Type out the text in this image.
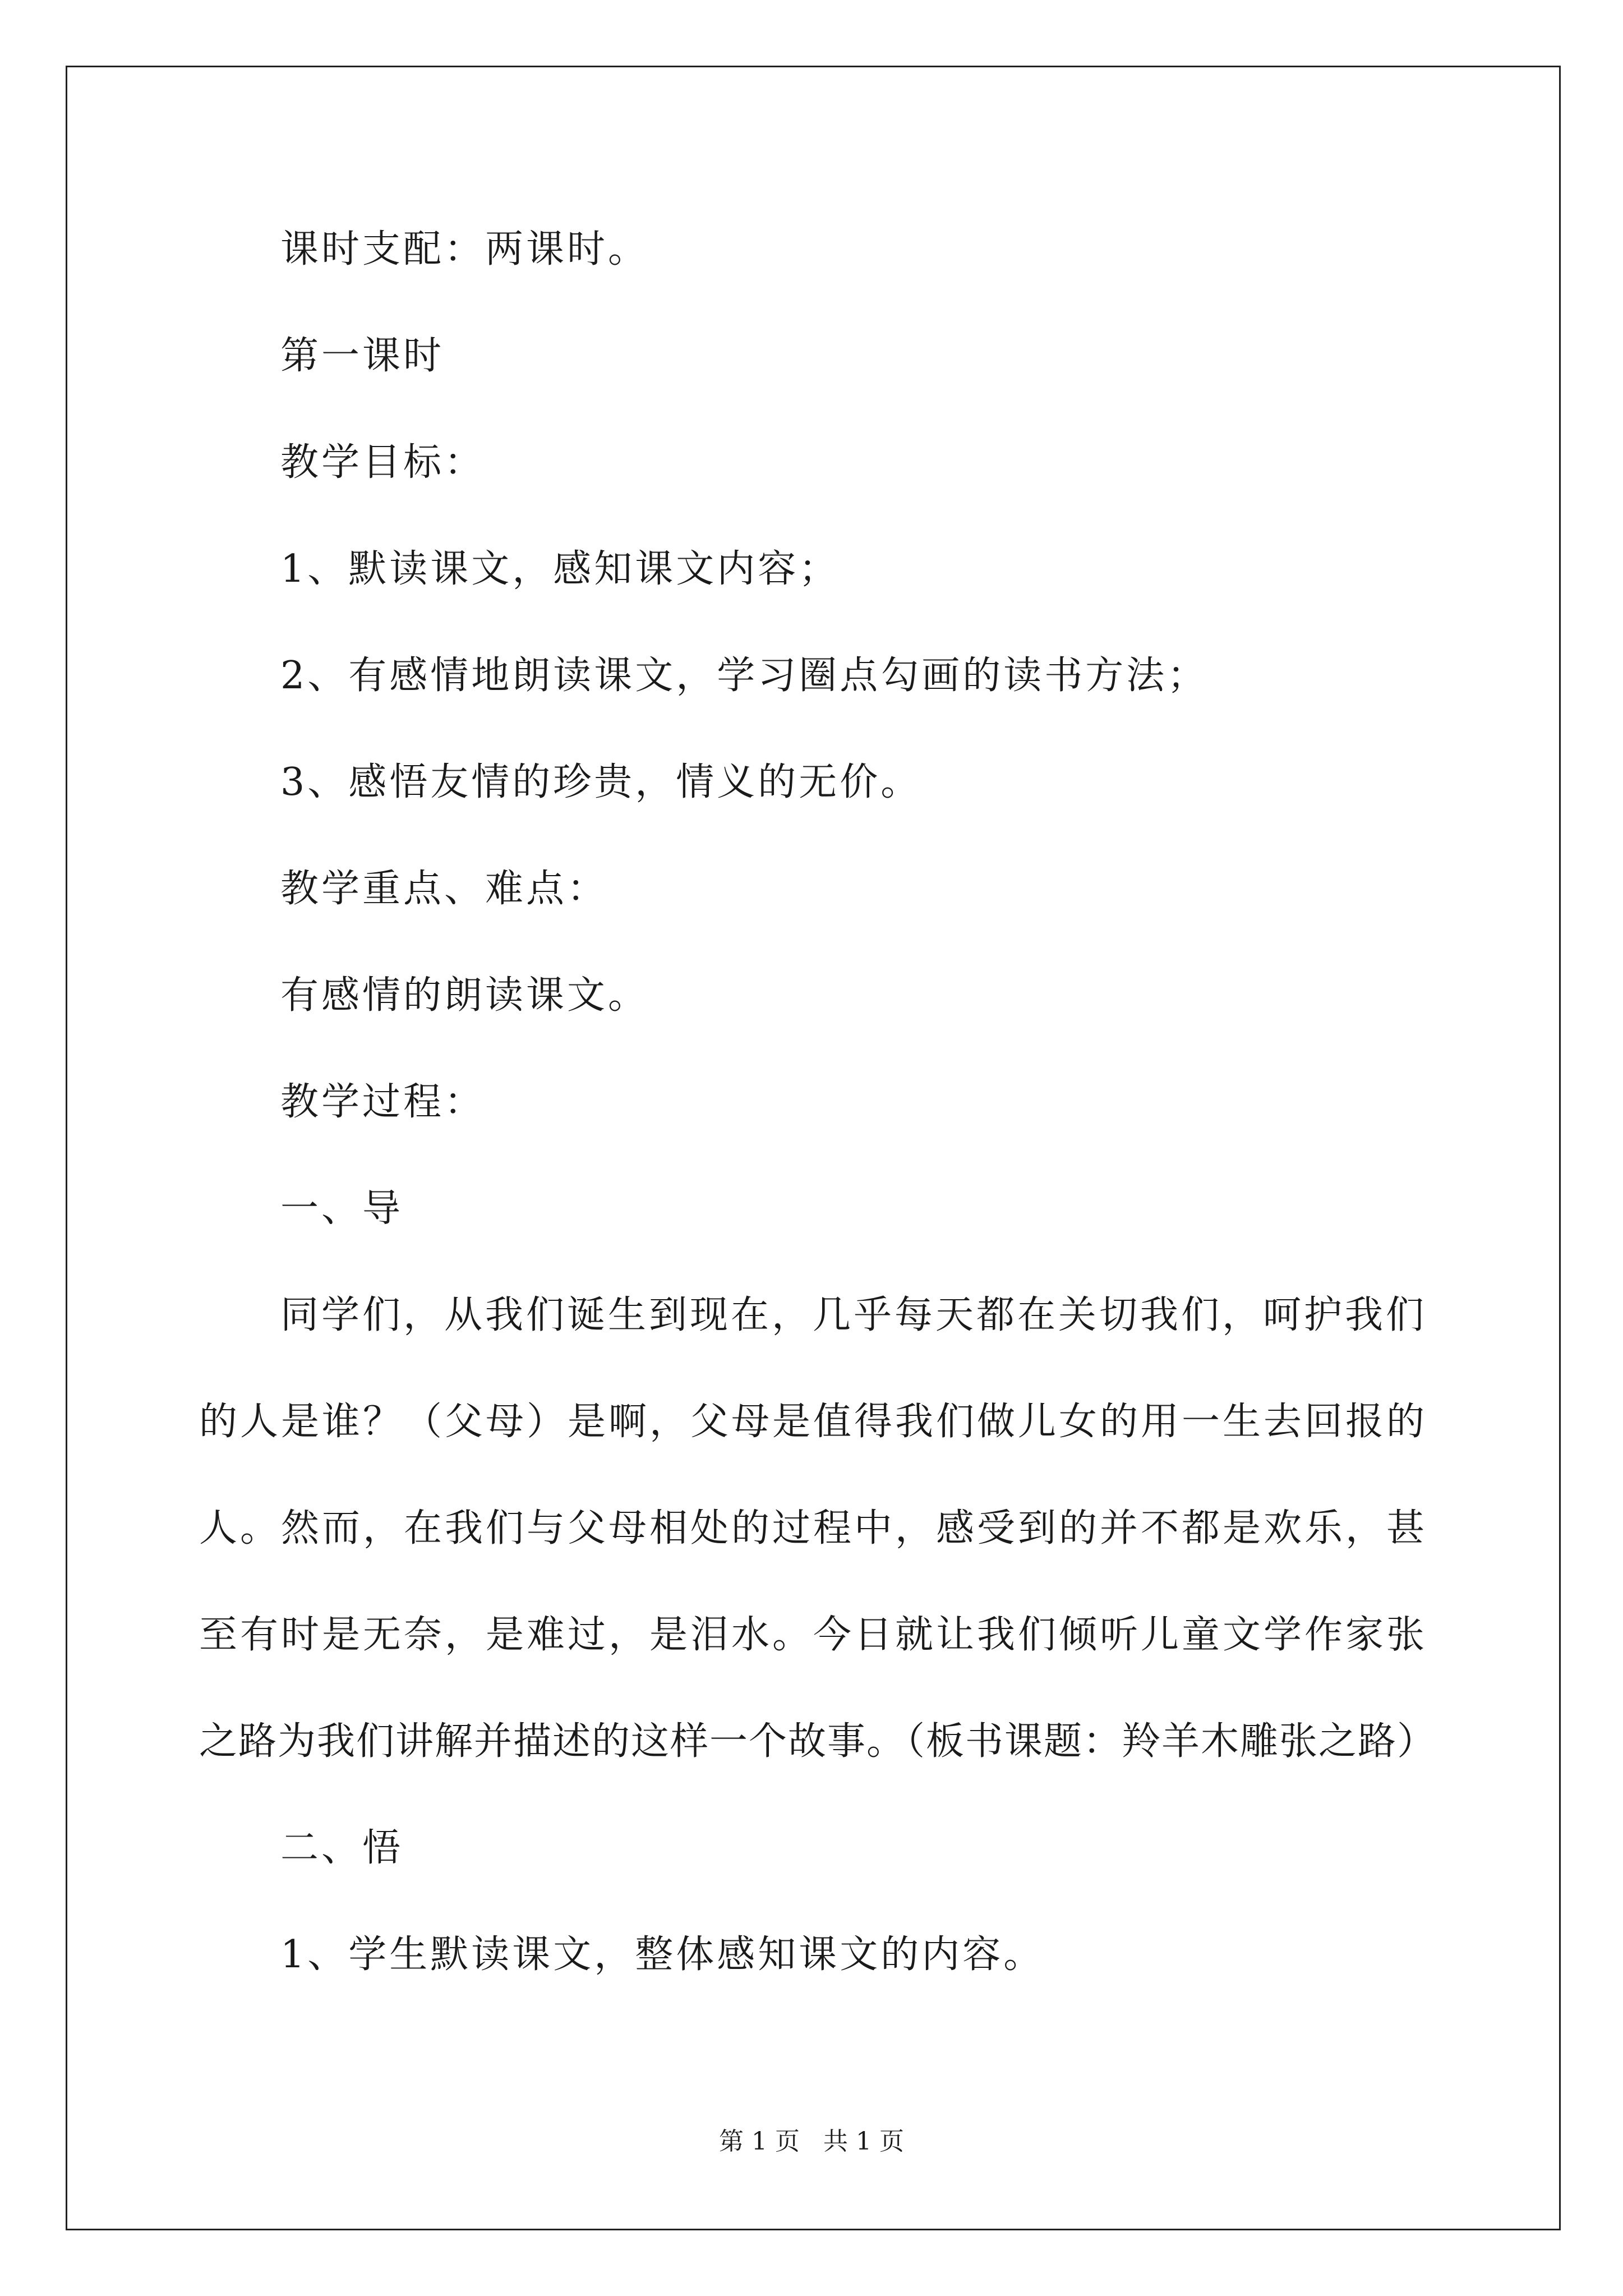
课时支配：两课时。
第一课时
教学目标：
1、默读课文，感知课文内容；
2、有感情地朗读课文，学习圈点勾画的读书方法；
3、感悟友情的珍贵，情义的无价。
教学重点、难点：
有感情的朗读课文。
教学过程：
一、导
同学们，从我们诞生到现在，几乎每天都在关切我们，呵护我们
的人是谁？（父母）是啊，父母是值得我们做儿女的用一生去回报的
人。然而，在我们与父母相处的过程中，感受到的并不都是欢乐，甚
至有时是无奈，是难过，是泪水。今日就让我们倾听儿童文学作家张
之路为我们讲解并描述的这样一个故事。（板书课题：羚羊木雕张之路）
二、悟
1、学生默读课文，整体感知课文的内容。
第 1 页   共 1 页
